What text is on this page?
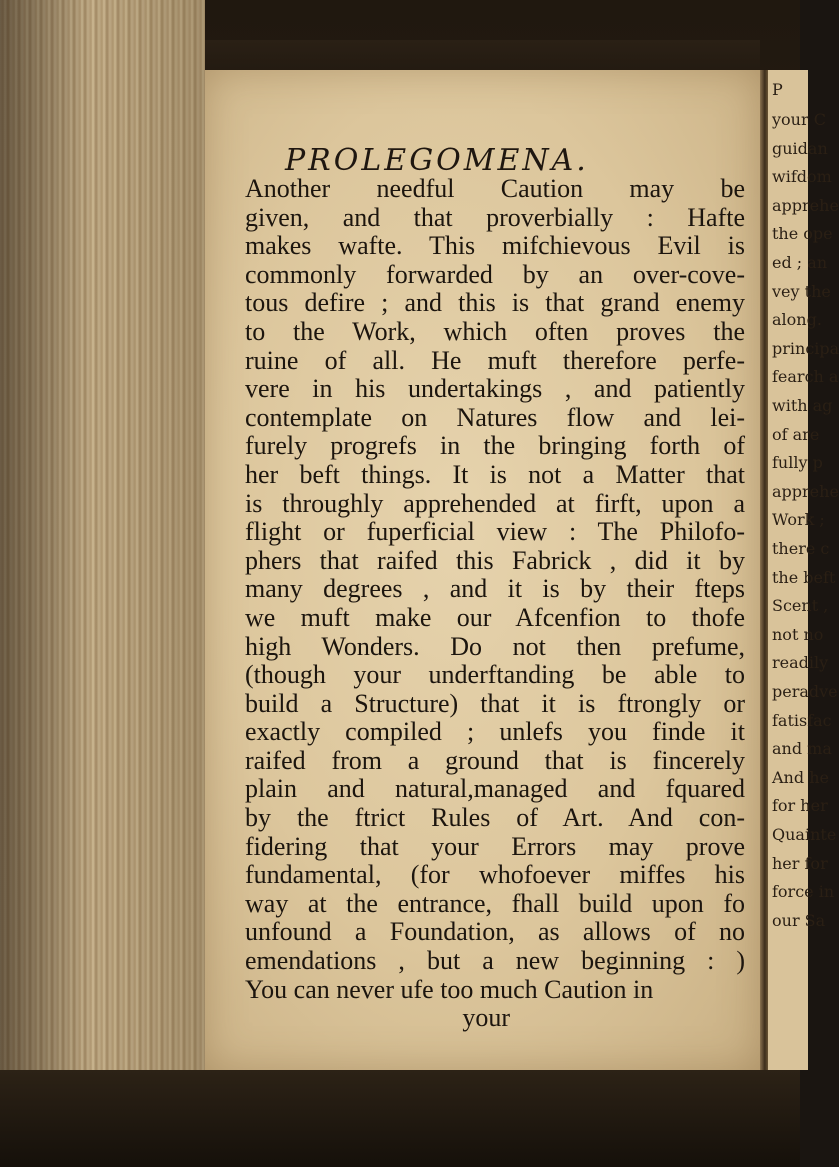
P
your C
guidan
wifdom
apprehe
the ope
ed ; an
vey the
along.
principa
fearch a
with ag
of are
fully p
apprehe
Work ;
there c
the beft
Scent ,
not no
readily
peradve
fatisfac
and ma
And he
for her
Quainte
her for
force in
our Sa
PROLEGOMENA.
Another needful Caution may be
given, and that proverbially : Hafte
makes wafte. This mifchievous Evil is
commonly forwarded by an over-cove-
tous defire ; and this is that grand enemy
to the Work, which often proves the
ruine of all. He muft therefore perfe-
vere in his undertakings , and patiently
contemplate on Natures flow and lei-
furely progrefs in the bringing forth of
her beft things. It is not a Matter that
is throughly apprehended at firft, upon a
flight or fuperficial view : The Philofo-
phers that raifed this Fabrick , did it by
many degrees , and it is by their fteps
we muft make our Afcenfion to thofe
high Wonders. Do not then prefume,
(though your underftanding be able to
build a Structure) that it is ftrongly or
exactly compiled ; unlefs you finde it
raifed from a ground that is fincerely
plain and natural,managed and fquared
by the ftrict Rules of Art. And con-
fidering that your Errors may prove
fundamental, (for whofoever miffes his
way at the entrance, fhall build upon fo
unfound a Foundation, as allows of no
emendations , but a new beginning : )
You can never ufe too much Caution in
your
